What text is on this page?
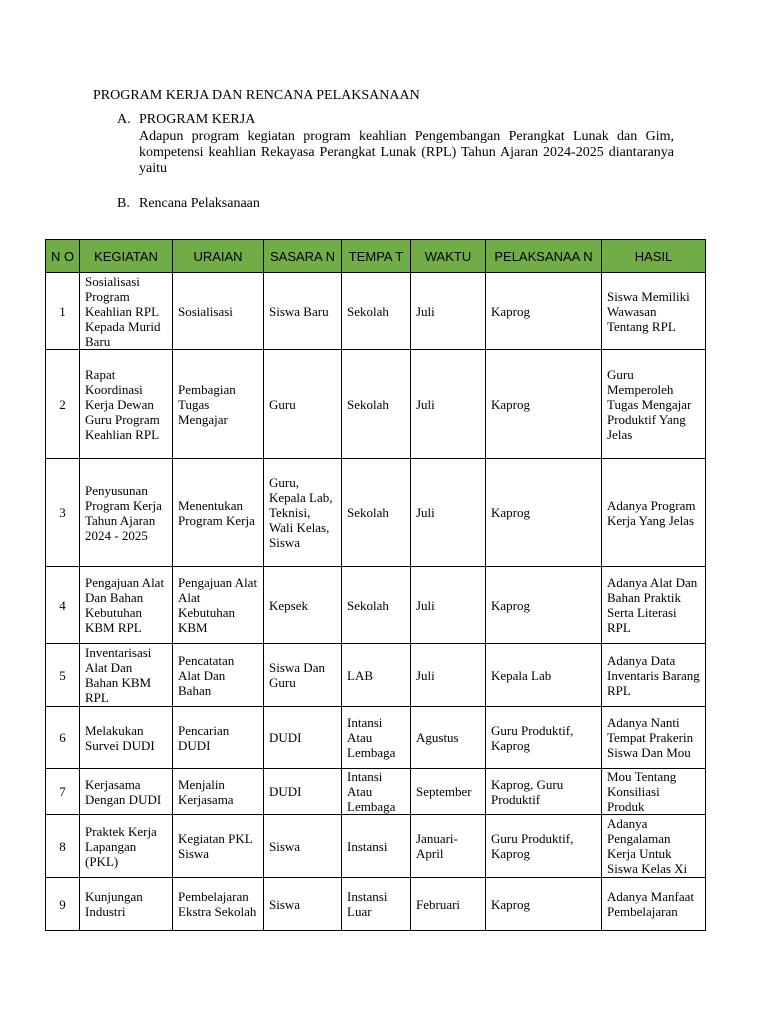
PROGRAM KERJA DAN RENCANA PELAKSANAAN
A. PROGRAM KERJA
Adapun program kegiatan program keahlian Pengembangan Perangkat Lunak dan Gim, kompetensi keahlian Rekayasa Perangkat Lunak (RPL) Tahun Ajaran 2024-2025 diantaranya yaitu
B. Rencana Pelaksanaan
N O	KEGIATAN	URAIAN	SASARA N	TEMPA T	WAKTU	PELAKSANAA N	HASIL
1	Sosialisasi Program Keahlian RPL Kepada Murid Baru	Sosialisasi	Siswa Baru	Sekolah	Juli	Kaprog	Siswa Memiliki Wawasan Tentang RPL
2	Rapat Koordinasi Kerja Dewan Guru Program Keahlian RPL	Pembagian Tugas Mengajar	Guru	Sekolah	Juli	Kaprog	Guru Memperoleh Tugas Mengajar Produktif Yang Jelas
3	Penyusunan Program Kerja Tahun Ajaran 2024 - 2025	Menentukan Program Kerja	Guru, Kepala Lab, Teknisi, Wali Kelas, Siswa	Sekolah	Juli	Kaprog	Adanya Program Kerja Yang Jelas
4	Pengajuan Alat Dan Bahan Kebutuhan KBM RPL	Pengajuan Alat Alat Kebutuhan KBM	Kepsek	Sekolah	Juli	Kaprog	Adanya Alat Dan Bahan Praktik Serta Literasi RPL
5	Inventarisasi Alat Dan Bahan KBM RPL	Pencatatan Alat Dan Bahan	Siswa Dan Guru	LAB	Juli	Kepala Lab	Adanya Data Inventaris Barang RPL
6	Melakukan Survei DUDI	Pencarian DUDI	DUDI	Intansi Atau Lembaga	Agustus	Guru Produktif, Kaprog	Adanya Nanti Tempat Prakerin Siswa Dan Mou
7	Kerjasama Dengan DUDI	Menjalin Kerjasama	DUDI	Intansi Atau Lembaga	September	Kaprog, Guru Produktif	Mou Tentang Konsiliasi Produk
8	Praktek Kerja Lapangan (PKL)	Kegiatan PKL Siswa	Siswa	Instansi	Januari-April	Guru Produktif, Kaprog	Adanya Pengalaman Kerja Untuk Siswa Kelas Xi
9	Kunjungan Industri	Pembelajaran Ekstra Sekolah	Siswa	Instansi Luar	Februari	Kaprog	Adanya Manfaat Pembelajaran
